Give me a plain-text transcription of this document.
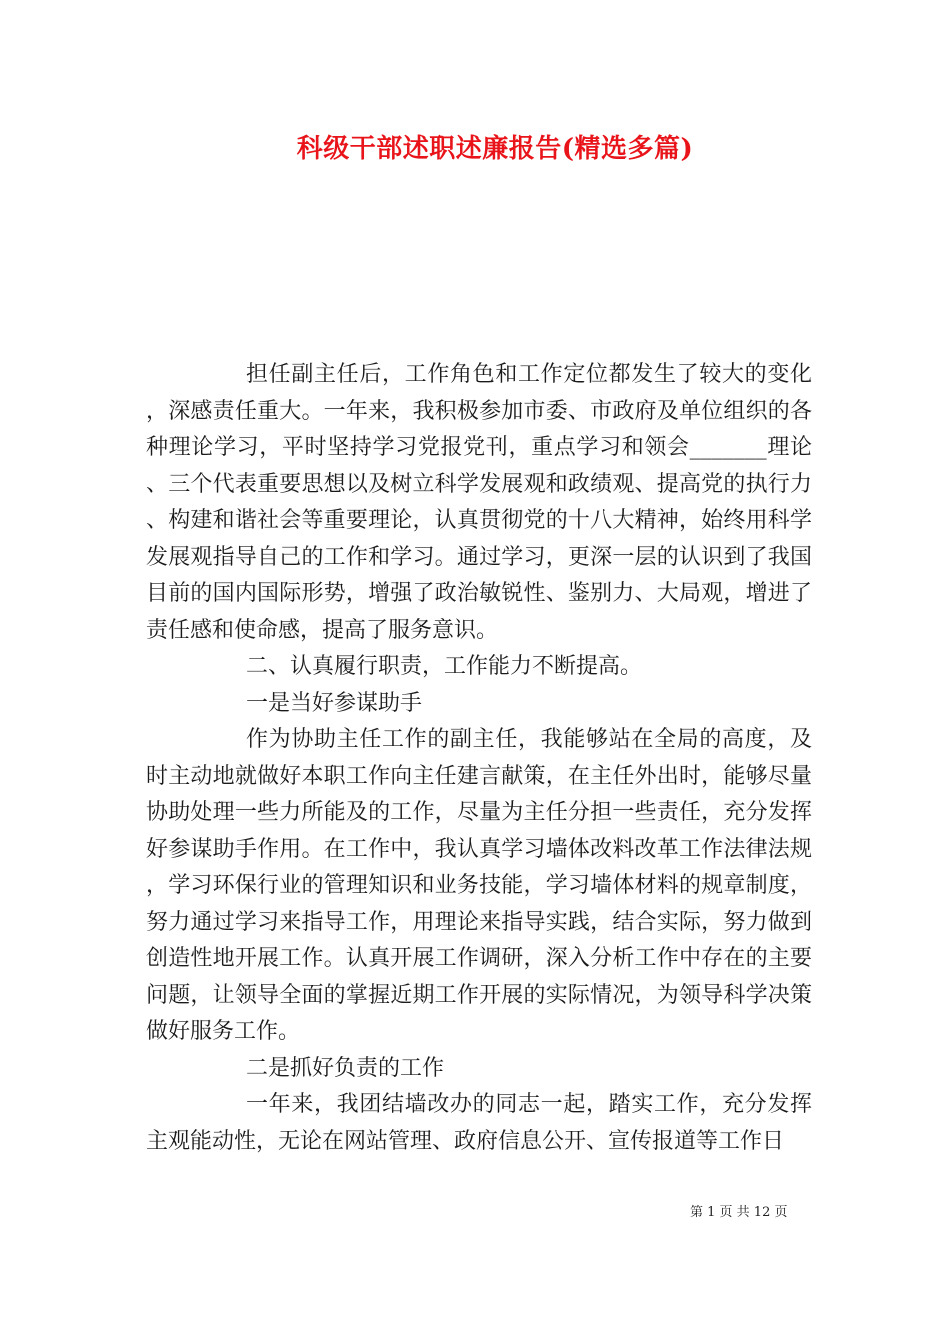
科级干部述职述廉报告(精选多篇)

担任副主任后，工作角色和工作定位都发生了较大的变化，深感责任重大。一年来，我积极参加市委、市政府及单位组织的各种理论学习，平时坚持学习党报党刊，重点学习和领会_______理论、三个代表重要思想以及树立科学发展观和政绩观、提高党的执行力、构建和谐社会等重要理论，认真贯彻党的十八大精神，始终用科学发展观指导自己的工作和学习。通过学习，更深一层的认识到了我国目前的国内国际形势，增强了政治敏锐性、鉴别力、大局观，增进了责任感和使命感，提高了服务意识。

二、认真履行职责，工作能力不断提高。

一是当好参谋助手

作为协助主任工作的副主任，我能够站在全局的高度，及时主动地就做好本职工作向主任建言献策，在主任外出时，能够尽量协助处理一些力所能及的工作，尽量为主任分担一些责任，充分发挥好参谋助手作用。在工作中，我认真学习墙体改料改革工作法律法规，学习环保行业的管理知识和业务技能，学习墙体材料的规章制度，努力通过学习来指导工作，用理论来指导实践，结合实际，努力做到创造性地开展工作。认真开展工作调研，深入分析工作中存在的主要问题，让领导全面的掌握近期工作开展的实际情况，为领导科学决策做好服务工作。

二是抓好负责的工作

一年来，我团结墙改办的同志一起，踏实工作，充分发挥主观能动性，无论在网站管理、政府信息公开、宣传报道等工作日

第 1 页 共 12 页
